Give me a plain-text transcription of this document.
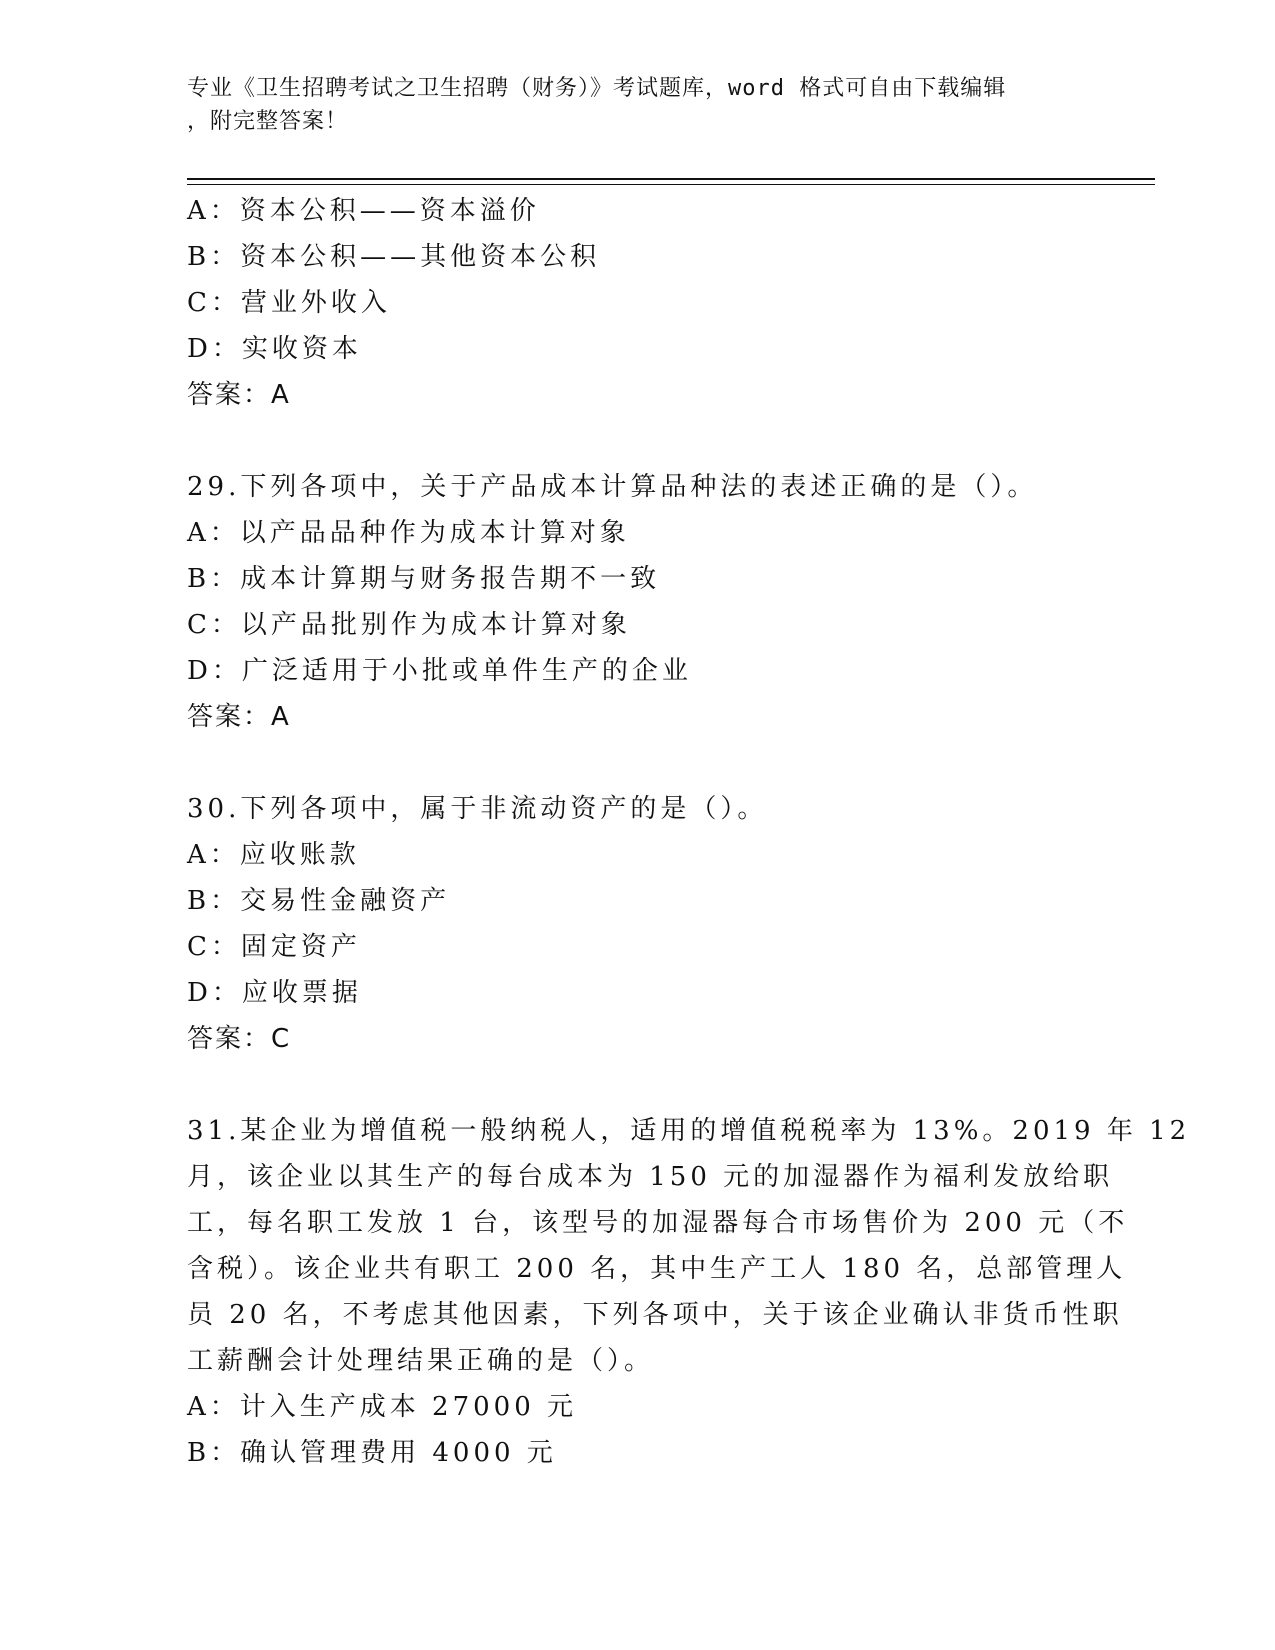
专业《卫生招聘考试之卫生招聘（财务）》考试题库，word 格式可自由下载编辑
，附完整答案！
A：资本公积——资本溢价
B：资本公积——其他资本公积
C：营业外收入
D：实收资本
答案：A
29.下列各项中，关于产品成本计算品种法的表述正确的是（）。
A：以产品品种作为成本计算对象
B：成本计算期与财务报告期不一致
C：以产品批别作为成本计算对象
D：广泛适用于小批或单件生产的企业
答案：A
30.下列各项中，属于非流动资产的是（）。
A：应收账款
B：交易性金融资产
C：固定资产
D：应收票据
答案：C
31.某企业为增值税一般纳税人，适用的增值税税率为 13%。2019 年 12
月，该企业以其生产的每台成本为 150 元的加湿器作为福利发放给职
工，每名职工发放 1 台，该型号的加湿器每合市场售价为 200 元（不
含税）。该企业共有职工 200 名，其中生产工人 180 名，总部管理人
员 20 名，不考虑其他因素，下列各项中，关于该企业确认非货币性职
工薪酬会计处理结果正确的是（）。
A：计入生产成本 27000 元
B：确认管理费用 4000 元
